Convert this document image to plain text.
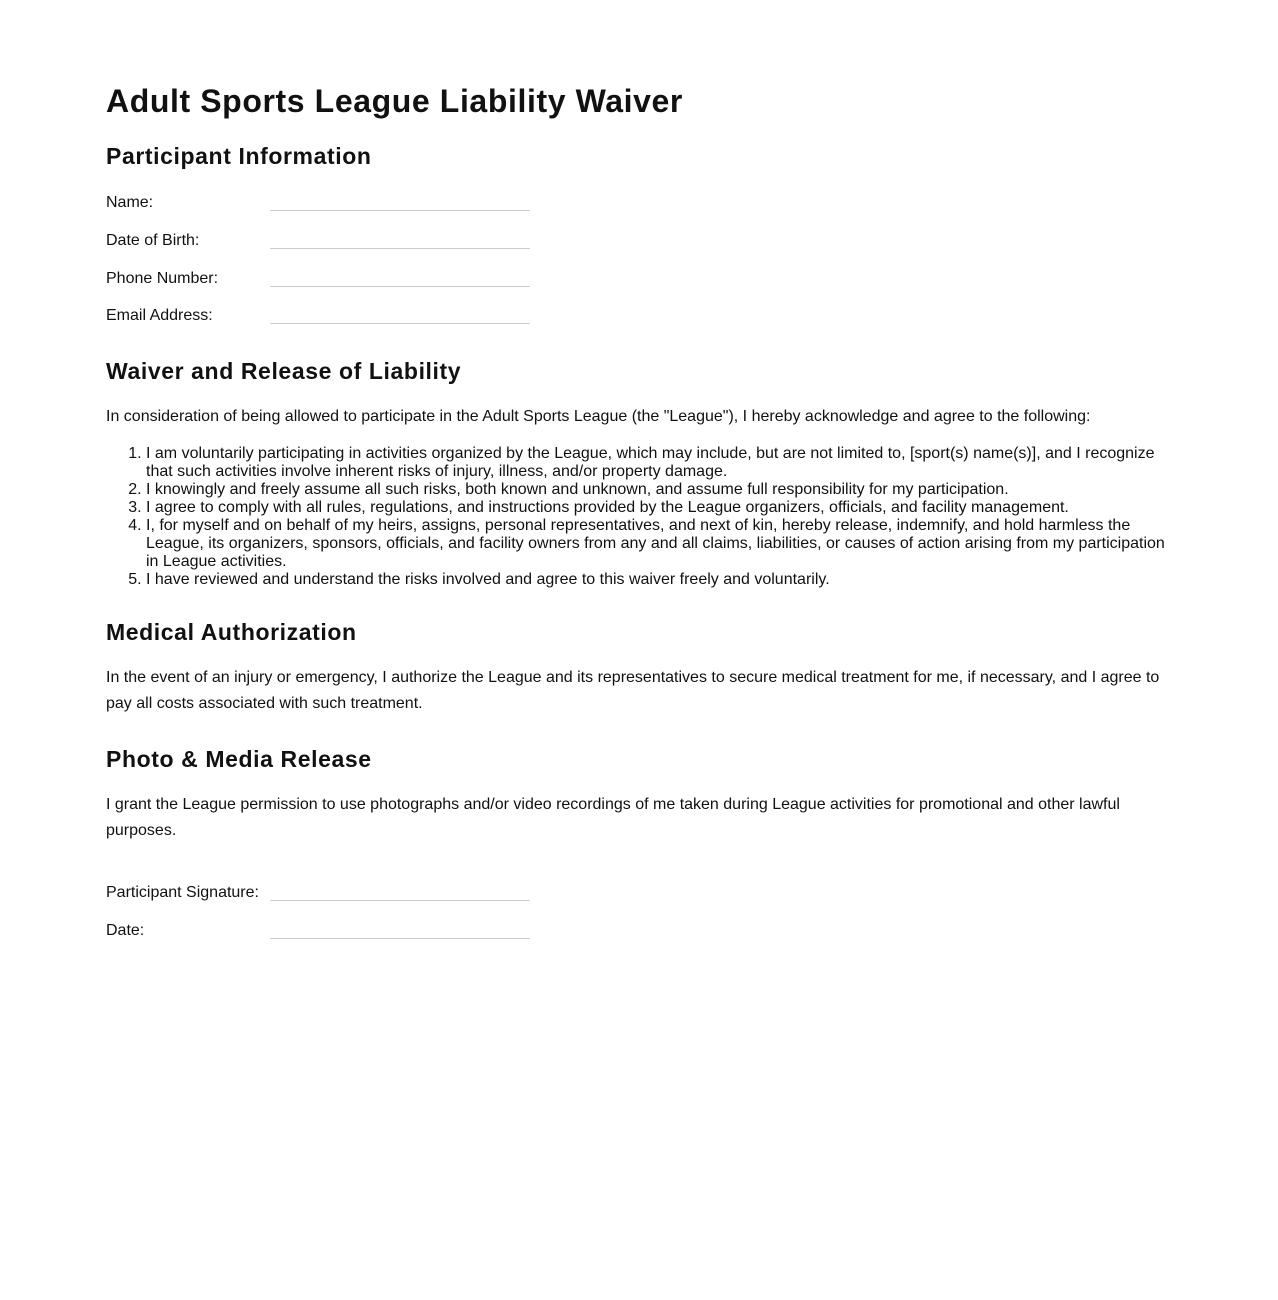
Adult Sports League Liability Waiver
Participant Information
Name:
Date of Birth:
Phone Number:
Email Address:
Waiver and Release of Liability

In consideration of being allowed to participate in the Adult Sports League (the "League"), I hereby acknowledge and agree to the following:

1. I am voluntarily participating in activities organized by the League, which may include, but are not limited to, [sport(s) name(s)], and I recognize that such activities involve inherent risks of injury, illness, and/or property damage.
2. I knowingly and freely assume all such risks, both known and unknown, and assume full responsibility for my participation.
3. I agree to comply with all rules, regulations, and instructions provided by the League organizers, officials, and facility management.
4. I, for myself and on behalf of my heirs, assigns, personal representatives, and next of kin, hereby release, indemnify, and hold harmless the League, its organizers, sponsors, officials, and facility owners from any and all claims, liabilities, or causes of action arising from my participation in League activities.
5. I have reviewed and understand the risks involved and agree to this waiver freely and voluntarily.
Medical Authorization

In the event of an injury or emergency, I authorize the League and its representatives to secure medical treatment for me, if necessary, and I agree to pay all costs associated with such treatment.

Photo & Media Release

I grant the League permission to use photographs and/or video recordings of me taken during League activities for promotional and other lawful purposes.

Participant Signature:
Date:
